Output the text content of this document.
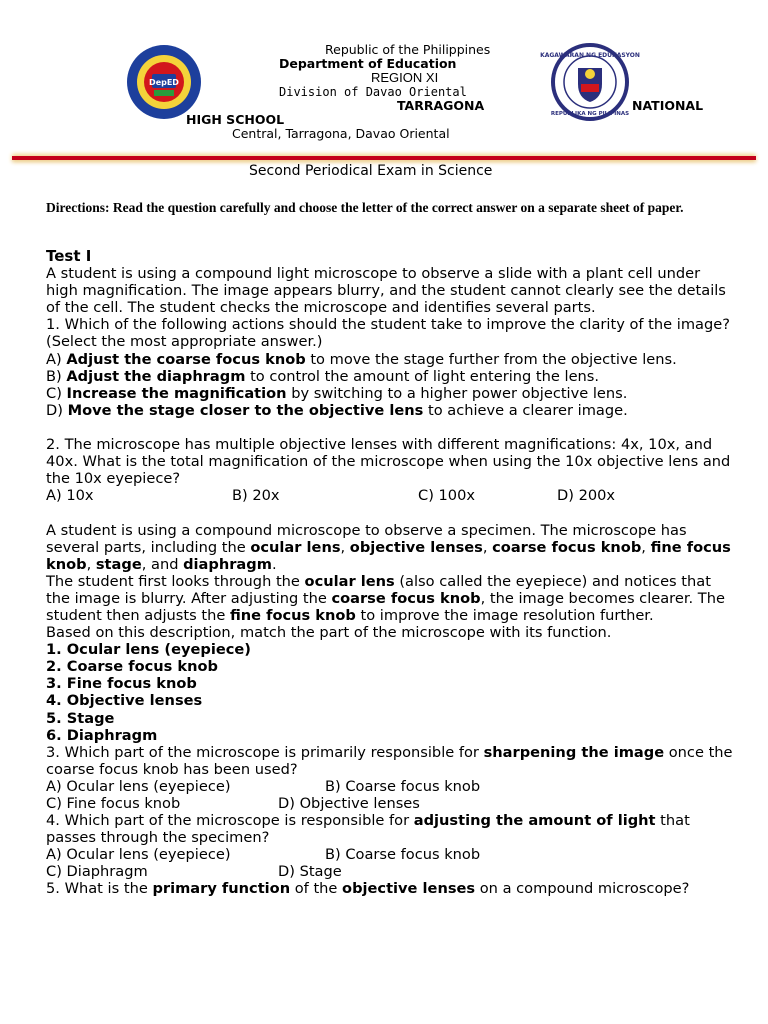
DepED
KAGAWARAN NG EDUKASYON
REPUBLIKA NG PILIPINAS
Republic of the Philippines
Department of Education
REGION XI
Division of Davao Oriental
TARRAGONA	NATIONAL
HIGH SCHOOL
Central, Tarragona, Davao Oriental
Second Periodical Exam in Science
Directions: Read the question carefully and choose the letter of the correct answer on a separate sheet of paper.

Test I

A student is using a compound light microscope to observe a slide with a plant cell under high magnification. The image appears blurry, and the student cannot clearly see the details of the cell. The student checks the microscope and identifies several parts.

1. Which of the following actions should the student take to improve the clarity of the image? (Select the most appropriate answer.)

A) Adjust the coarse focus knob to move the stage further from the objective lens.

B) Adjust the diaphragm to control the amount of light entering the lens.

C) Increase the magnification by switching to a higher power objective lens.

D) Move the stage closer to the objective lens to achieve a clearer image.

2. The microscope has multiple objective lenses with different magnifications: 4x, 10x, and 40x. What is the total magnification of the microscope when using the 10x objective lens and the 10x eyepiece?

A) 10x	B) 20x	C) 100x	D) 200x

A student is using a compound microscope to observe a specimen. The microscope has several parts, including the ocular lens, objective lenses, coarse focus knob, fine focus knob, stage, and diaphragm.

The student first looks through the ocular lens (also called the eyepiece) and notices that the image is blurry. After adjusting the coarse focus knob, the image becomes clearer. The student then adjusts the fine focus knob to improve the image resolution further.

Based on this description, match the part of the microscope with its function.

1. Ocular lens (eyepiece)

2. Coarse focus knob

3. Fine focus knob

4. Objective lenses

5. Stage

6. Diaphragm

3. Which part of the microscope is primarily responsible for sharpening the image once the coarse focus knob has been used?

A) Ocular lens (eyepiece)	B) Coarse focus knob
C) Fine focus knob	D) Objective lenses

4. Which part of the microscope is responsible for adjusting the amount of light that passes through the specimen?

A) Ocular lens (eyepiece)	B) Coarse focus knob
C) Diaphragm	D) Stage

5. What is the primary function of the objective lenses on a compound microscope?
